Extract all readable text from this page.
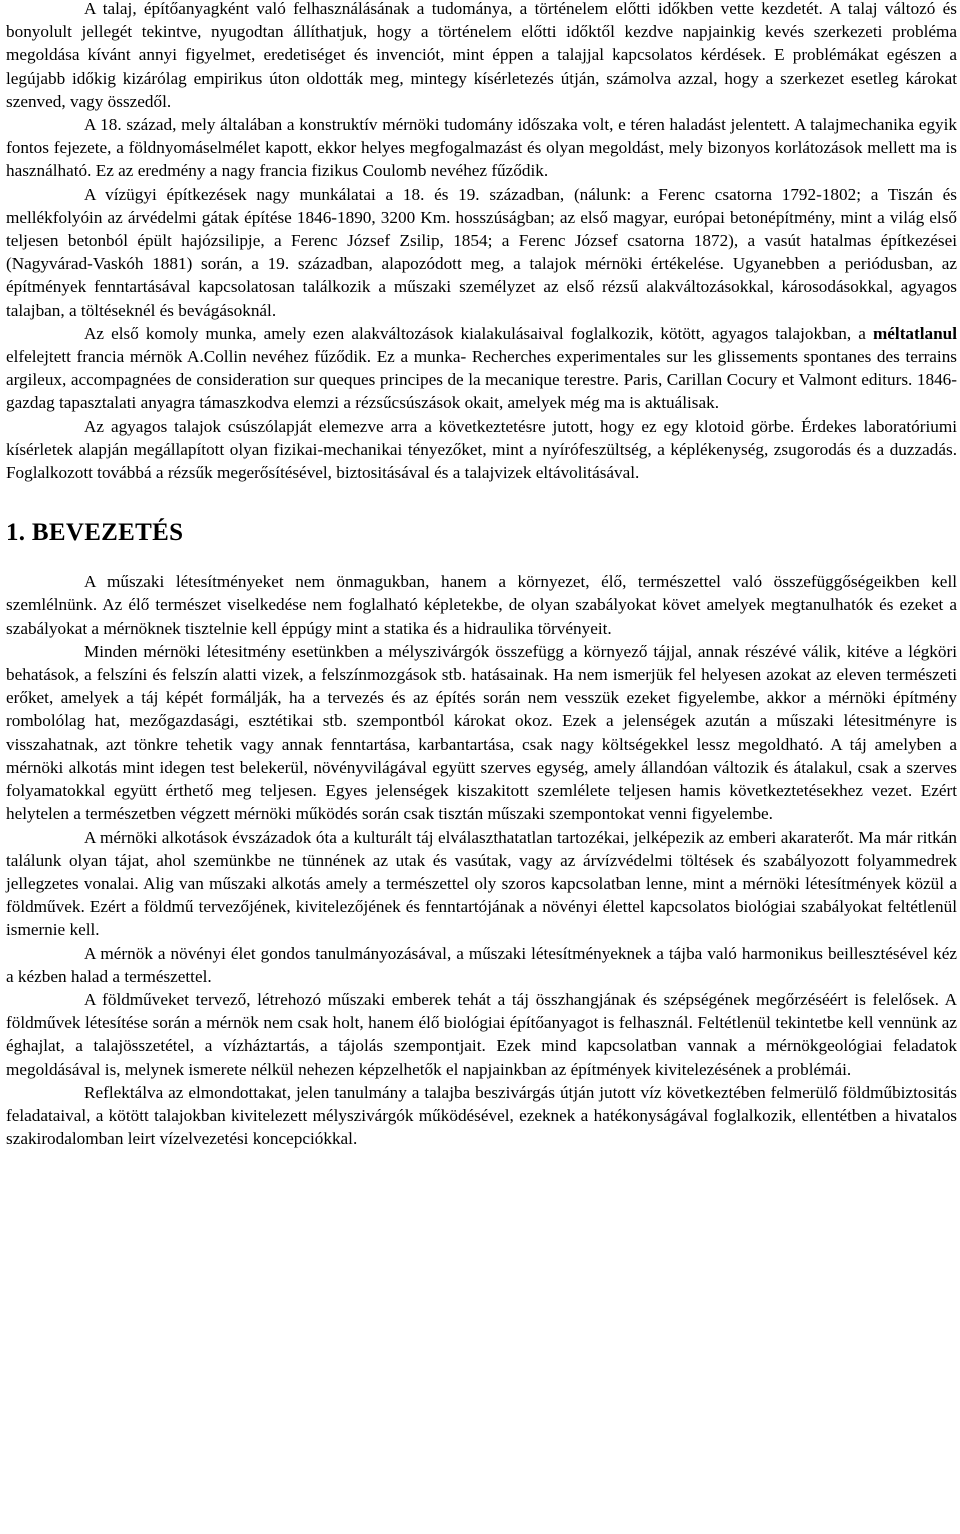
A talaj, építőanyagként való felhasználásának a tudománya, a történelem előtti időkben vette kezdetét. A talaj változó és bonyolult jellegét tekintve, nyugodtan állíthatjuk, hogy a történelem előtti időktől kezdve napjainkig kevés szerkezeti probléma megoldása kívánt annyi figyelmet, eredetiséget és invenciót, mint éppen a talajjal kapcsolatos kérdések. E problémákat egészen a legújabb időkig kizárólag empirikus úton oldották meg, mintegy kísérletezés útján, számolva azzal, hogy a szerkezet esetleg károkat szenved, vagy összedől.

A 18. század, mely általában a konstruktív mérnöki tudomány időszaka volt, e téren haladást jelentett. A talajmechanika egyik fontos fejezete, a földnyomáselmélet kapott, ekkor helyes megfogalmazást és olyan megoldást, mely bizonyos korlátozások mellett ma is használható. Ez az eredmény a nagy francia fizikus Coulomb nevéhez fűződik.

A vízügyi építkezések nagy munkálatai a 18. és 19. században, (nálunk: a Ferenc csatorna 1792-1802; a Tiszán és mellékfolyóin az árvédelmi gátak építése 1846-1890, 3200 Km. hosszúságban; az első magyar, európai betonépítmény, mint a világ első teljesen betonból épült hajózsilipje, a Ferenc József Zsilip, 1854; a Ferenc József csatorna 1872), a vasút hatalmas építkezései (Nagyvárad-Vaskóh 1881) során, a 19. században, alapozódott meg, a talajok mérnöki értékelése. Ugyanebben a periódusban, az építmények fenntartásával kapcsolatosan találkozik a műszaki személyzet az első rézsű alakváltozásokkal, károsodásokkal, agyagos talajban, a töltéseknél és bevágásoknál.

Az első komoly munka, amely ezen alakváltozások kialakulásaival foglalkozik, kötött, agyagos talajokban, a méltatlanul elfelejtett francia mérnök A.Collin nevéhez fűződik. Ez a munka- Recherches experimentales sur les glissements spontanes des terrains argileux, accompagnées de consideration sur queques principes de la mecanique terestre. Paris, Carillan Cocury et Valmont editurs. 1846- gazdag tapasztalati anyagra támaszkodva elemzi a rézsűcsúszások okait, amelyek még ma is aktuálisak.

Az agyagos talajok csúszólapját elemezve arra a következtetésre jutott, hogy ez egy klotoid görbe. Érdekes laboratóriumi kísérletek alapján megállapított olyan fizikai-mechanikai tényezőket, mint a nyírófeszültség, a képlékenység, zsugorodás és a duzzadás. Foglalkozott továbbá a rézsűk megerősítésével, biztositásával és a talajvizek eltávolitásával.

1. BEVEZETÉS

A műszaki létesítményeket nem önmagukban, hanem a környezet, élő, természettel való összefüggőségeikben kell szemlélnünk. Az élő természet viselkedése nem foglalható képletekbe, de olyan szabályokat követ amelyek megtanulhatók és ezeket a szabályokat a mérnöknek tisztelnie kell éppúgy mint a statika és a hidraulika törvényeit.

Minden mérnöki létesitmény esetünkben a mélyszivárgók összefügg a környező tájjal, annak részévé válik, kitéve a légköri behatások, a felszíni és felszín alatti vizek, a felszínmozgások stb. hatásainak. Ha nem ismerjük fel helyesen azokat az eleven természeti erőket, amelyek a táj képét formálják, ha a tervezés és az építés során nem vesszük ezeket figyelembe, akkor a mérnöki építmény rombolólag hat, mezőgazdasági, esztétikai stb. szempontból károkat okoz. Ezek a jelenségek azután a műszaki létesitményre is visszahatnak, azt tönkre tehetik vagy annak fenntartása, karbantartása, csak nagy költségekkel lessz megoldható. A táj amelyben a mérnöki alkotás mint idegen test belekerül, növényvilágával együtt szerves egység, amely állandóan változik és átalakul, csak a szerves folyamatokkal együtt érthető meg teljesen. Egyes jelenségek kiszakitott szemlélete teljesen hamis következtetésekhez vezet. Ezért helytelen a természetben végzett mérnöki működés során csak tisztán műszaki szempontokat venni figyelembe.

A mérnöki alkotások évszázadok óta a kulturált táj elválaszthatatlan tartozékai, jelképezik az emberi akaraterőt. Ma már ritkán találunk olyan tájat, ahol szemünkbe ne tünnének az utak és vasútak, vagy az árvízvédelmi töltések és szabályozott folyammedrek jellegzetes vonalai. Alig van műszaki alkotás amely a természettel oly szoros kapcsolatban lenne, mint a mérnöki létesítmények közül a földművek. Ezért a földmű tervezőjének, kivitelezőjének és fenntartójának a növényi élettel kapcsolatos biológiai szabályokat feltétlenül ismernie kell.

A mérnök a növényi élet gondos tanulmányozásával, a műszaki létesítményeknek a tájba való harmonikus beillesztésével kéz a kézben halad a természettel.

A földműveket tervező, létrehozó műszaki emberek tehát a táj összhangjának és szépségének megőrzéséért is felelősek. A földművek létesítése során a mérnök nem csak holt, hanem élő biológiai építőanyagot is felhasznál. Feltétlenül tekintetbe kell vennünk az éghajlat, a talajösszetétel, a vízháztartás, a tájolás szempontjait. Ezek mind kapcsolatban vannak a mérnökgeológiai feladatok megoldásával is, melynek ismerete nélkül nehezen képzelhetők el napjainkban az építmények kivitelezésének a problémái.

Reflektálva az elmondottakat, jelen tanulmány a talajba beszivárgás útján jutott víz következtében felmerülő földműbiztositás feladataival, a kötött talajokban kivitelezett mélyszivárgók működésével, ezeknek a hatékonyságával foglalkozik, ellentétben a hivatalos szakirodalomban leirt vízelvezetési koncepciókkal.
